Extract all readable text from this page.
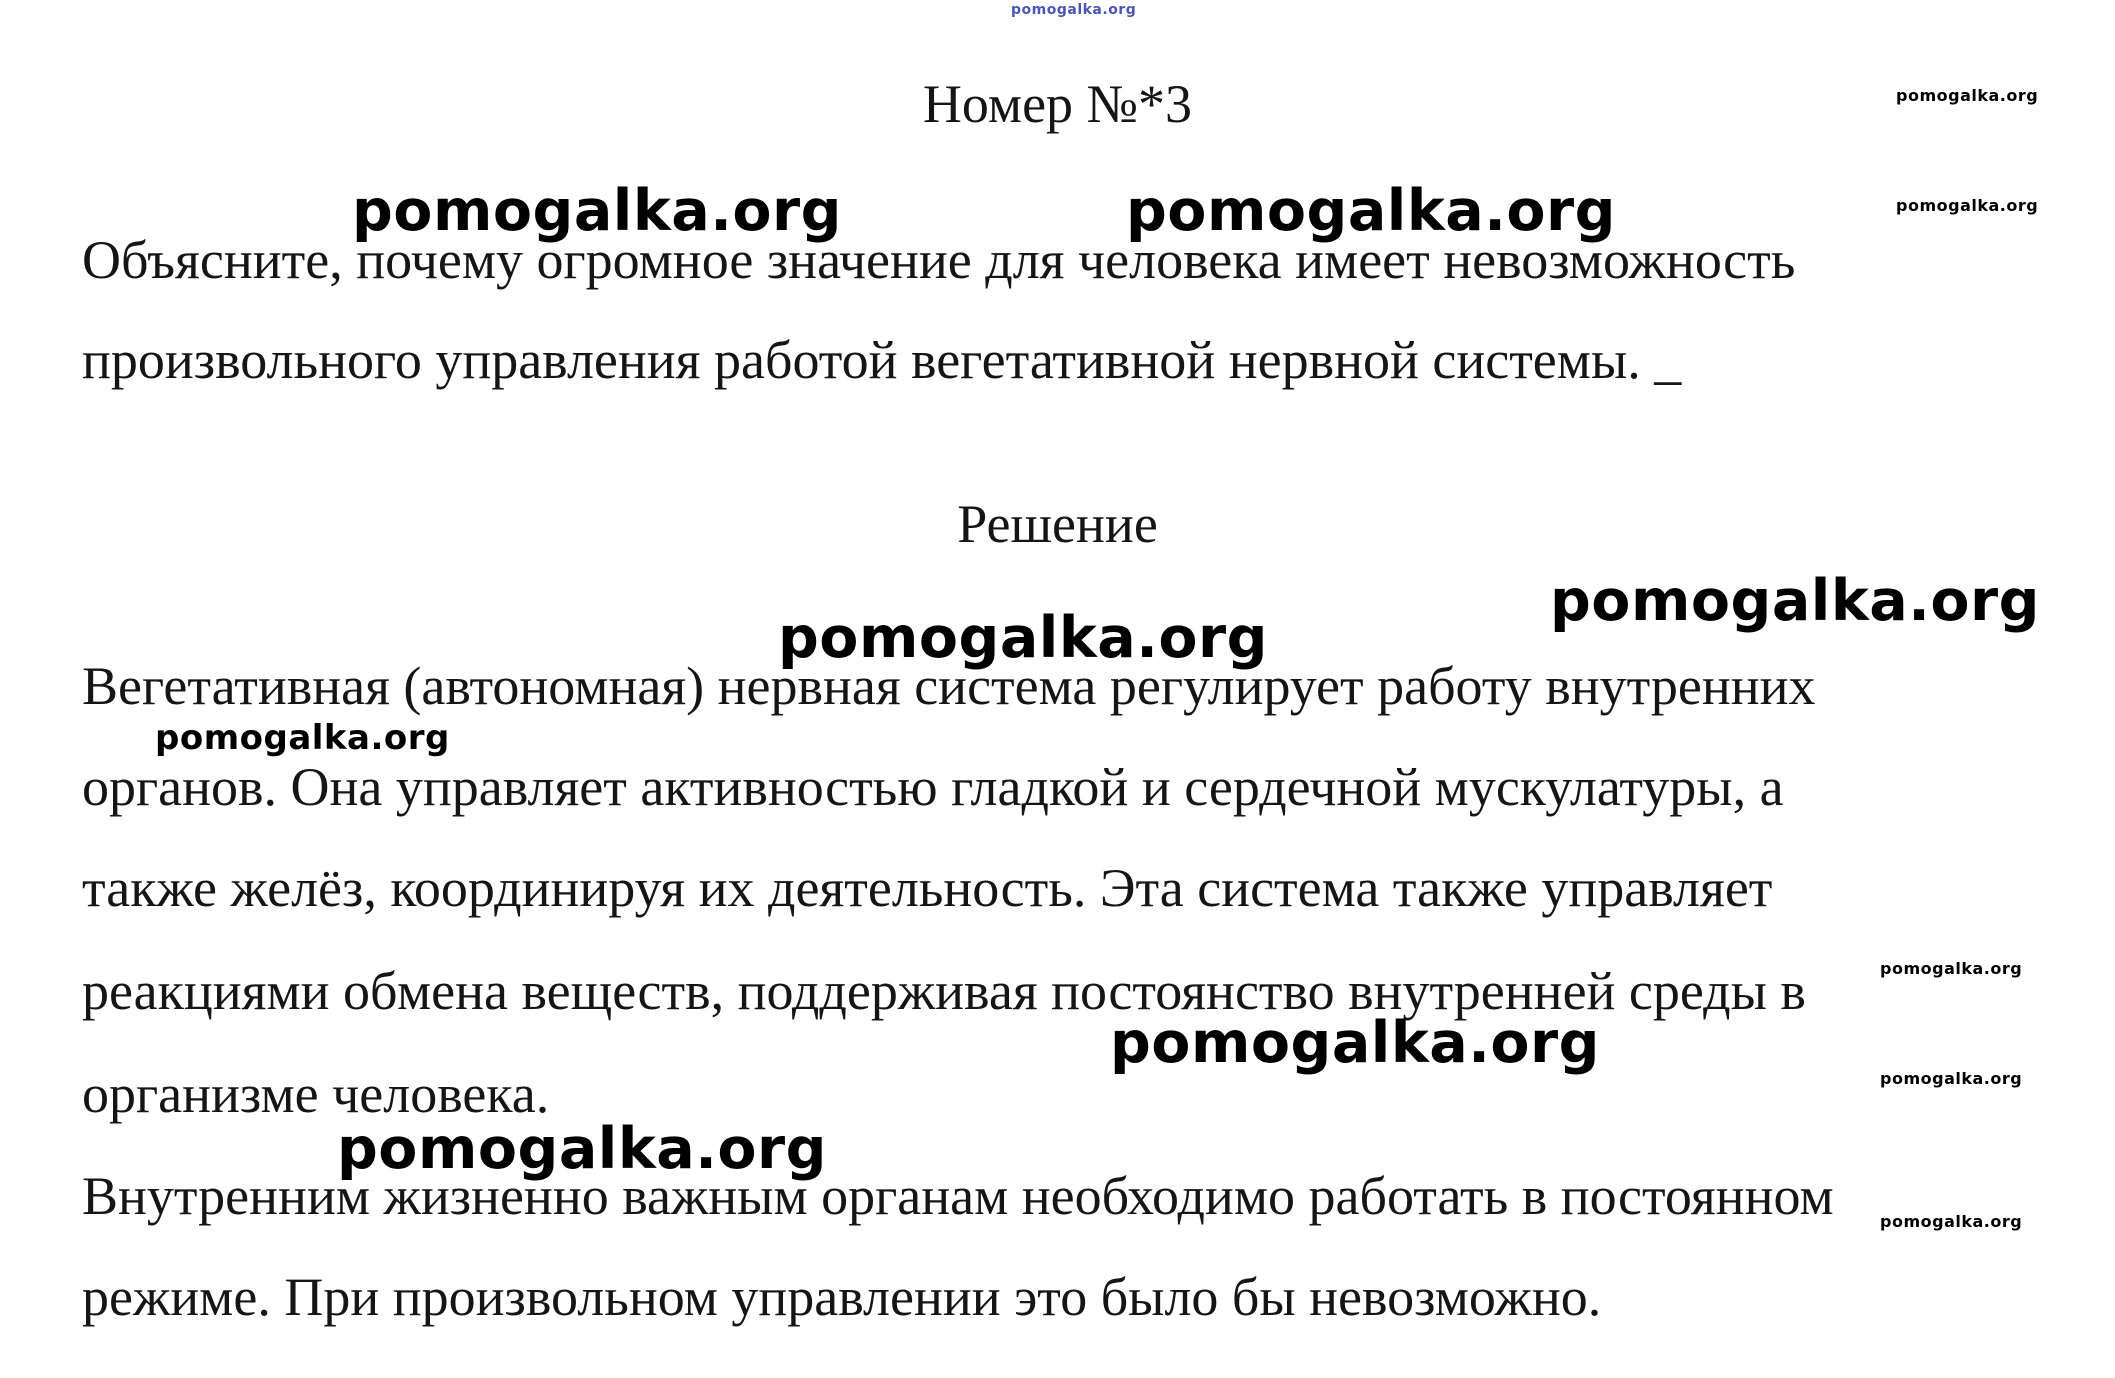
pomogalka.org
Номер №*3
Объясните, почему огромное значение для человека имеет невозможность
произвольного управления работой вегетативной нервной системы. _
Решение
Вегетативная (автономная) нервная система регулирует работу внутренних
органов. Она управляет активностью гладкой и сердечной мускулатуры, а
также желёз, координируя их деятельность. Эта система также управляет
реакциями обмена веществ, поддерживая постоянство внутренней среды в
организме человека.
Внутренним жизненно важным органам необходимо работать в постоянном
режиме. При произвольном управлении это было бы невозможно.
pomogalka.org
pomogalka.org
pomogalka.org	pomogalka.org
pomogalka.org
pomogalka.org
pomogalka.org
pomogalka.org
pomogalka.org
pomogalka.org
pomogalka.org
pomogalka.org
